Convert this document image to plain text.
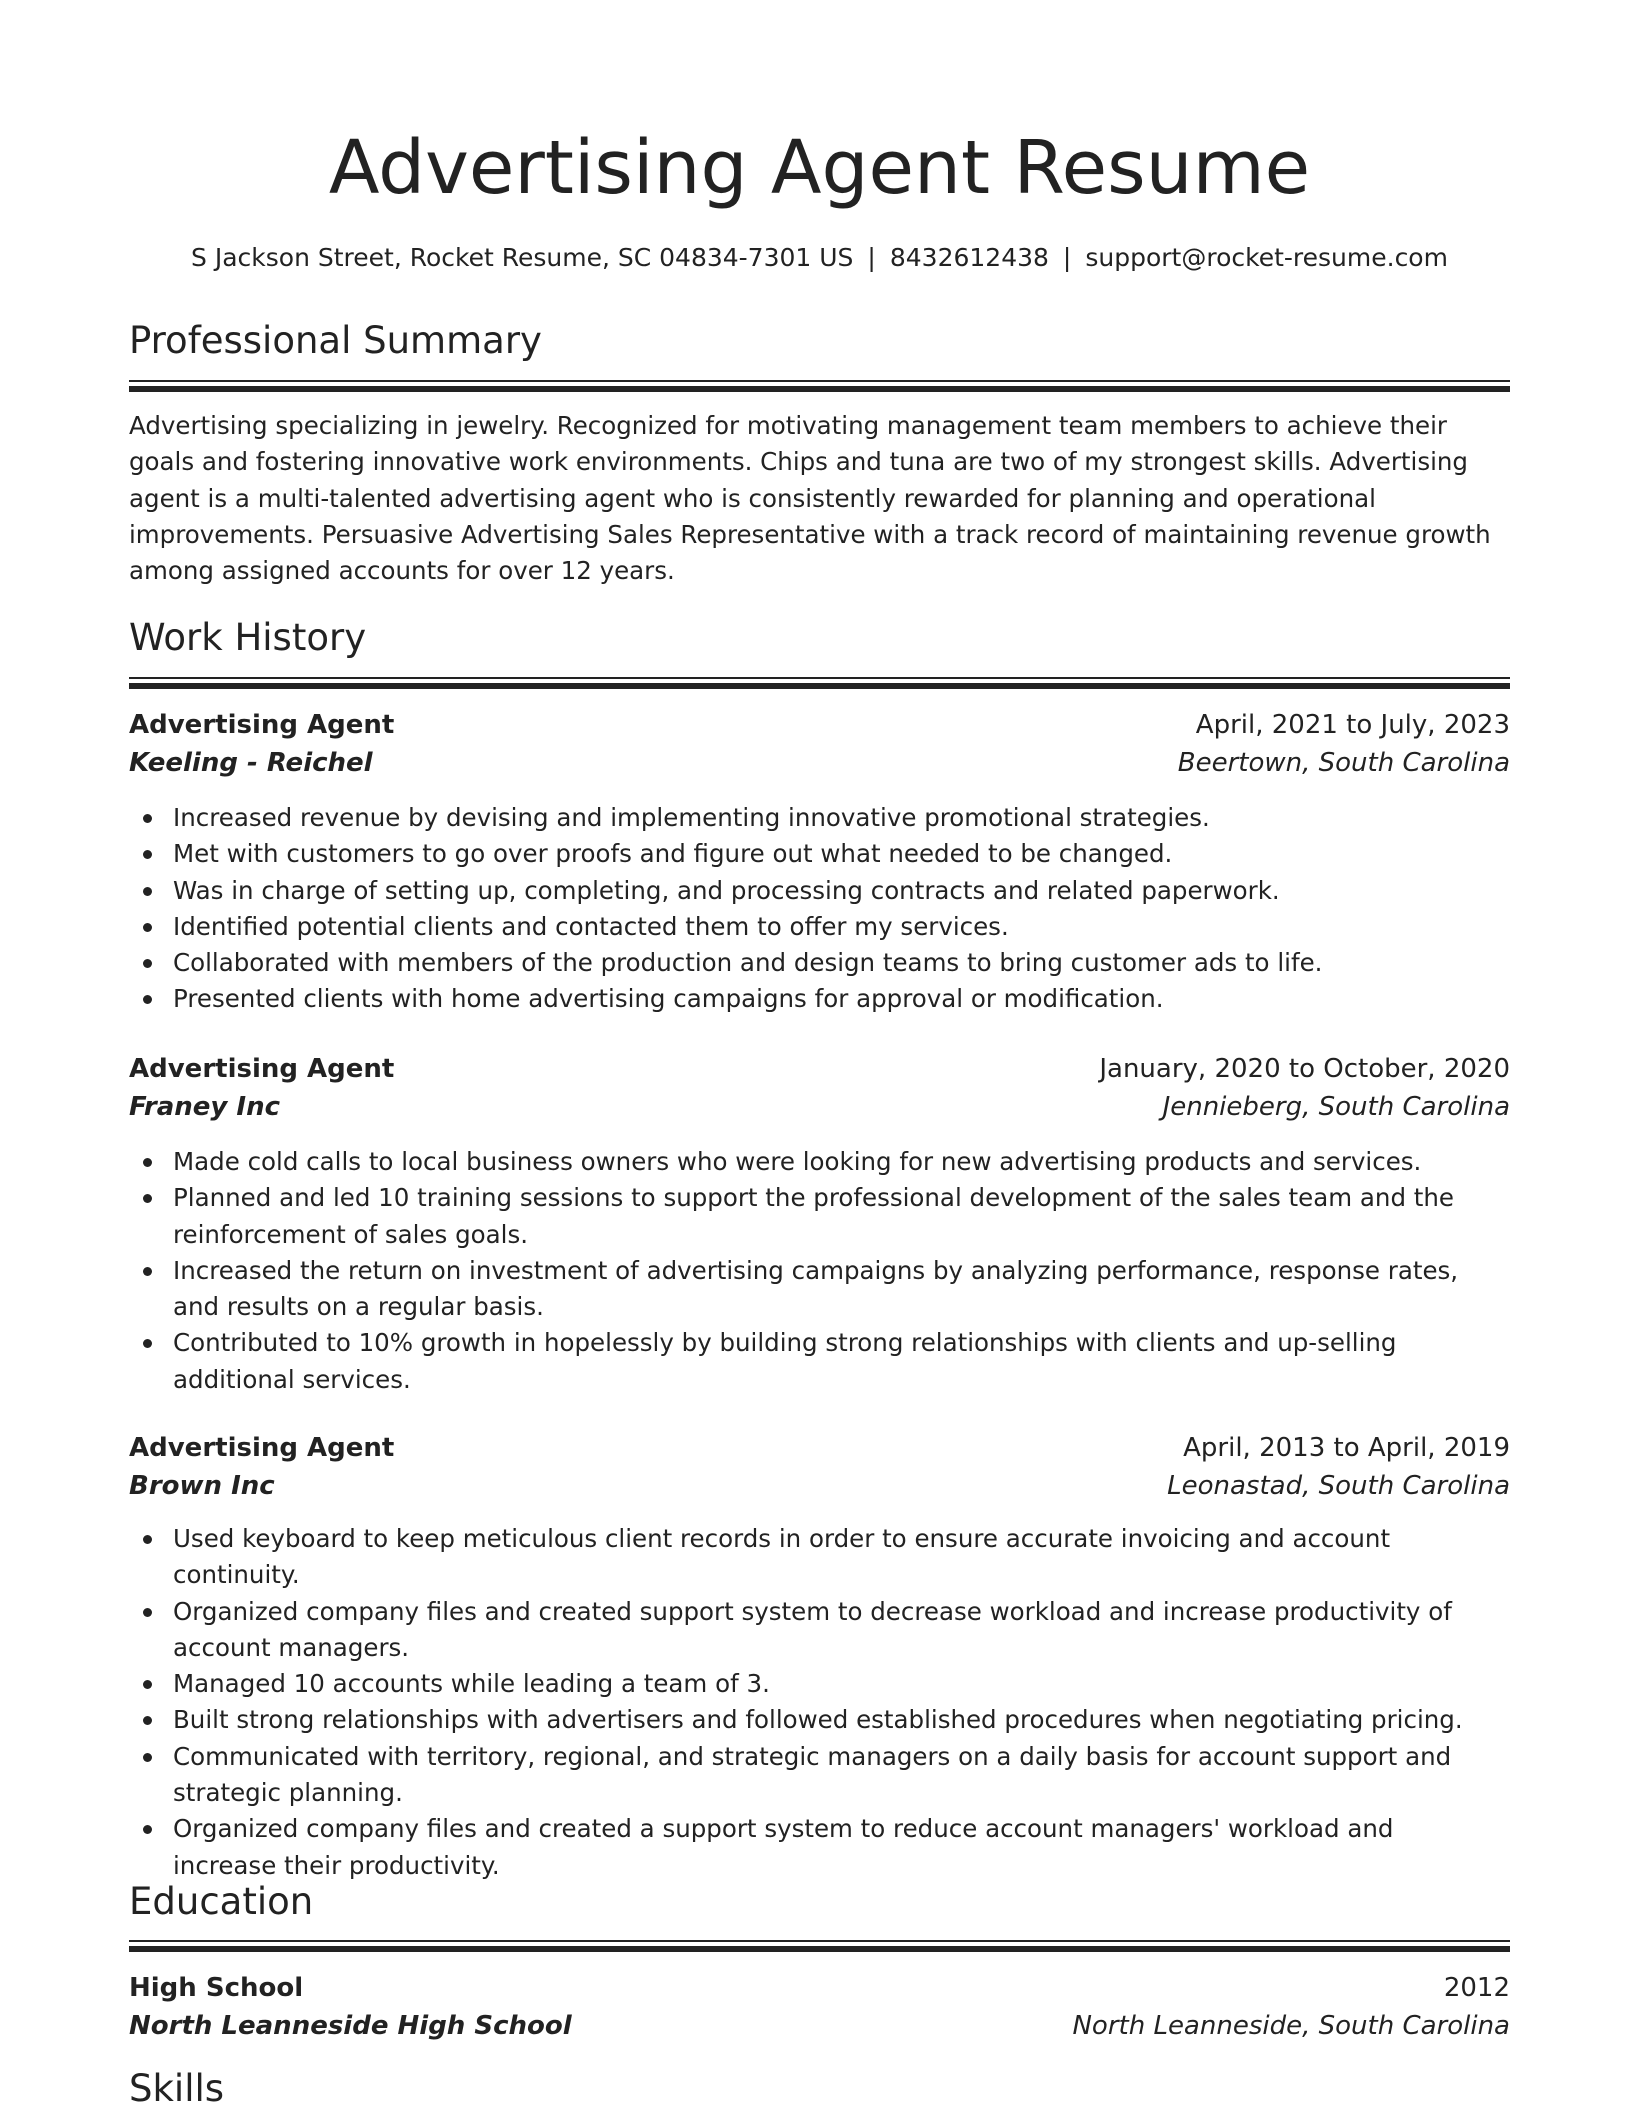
Advertising Agent Resume
S Jackson Street, Rocket Resume, SC 04834-7301 US | 8432612438 | support@rocket-resume.com
Professional Summary

Advertising specializing in jewelry. Recognized for motivating management team members to achieve their goals and fostering innovative work environments. Chips and tuna are two of my strongest skills. Advertising agent is a multi-talented advertising agent who is consistently rewarded for planning and operational improvements. Persuasive Advertising Sales Representative with a track record of maintaining revenue growth among assigned accounts for over 12 years.

Work History
Advertising Agent	April, 2021 to July, 2023
Keeling - Reichel	Beertown, South Carolina
Increased revenue by devising and implementing innovative promotional strategies.
Met with customers to go over proofs and figure out what needed to be changed.
Was in charge of setting up, completing, and processing contracts and related paperwork.
Identified potential clients and contacted them to offer my services.
Collaborated with members of the production and design teams to bring customer ads to life.
Presented clients with home advertising campaigns for approval or modification.
Advertising Agent	January, 2020 to October, 2020
Franey Inc	Jennieberg, South Carolina
Made cold calls to local business owners who were looking for new advertising products and services.
Planned and led 10 training sessions to support the professional development of the sales team and the reinforcement of sales goals.
Increased the return on investment of advertising campaigns by analyzing performance, response rates, and results on a regular basis.
Contributed to 10% growth in hopelessly by building strong relationships with clients and up-selling additional services.
Advertising Agent	April, 2013 to April, 2019
Brown Inc	Leonastad, South Carolina
Used keyboard to keep meticulous client records in order to ensure accurate invoicing and account continuity.
Organized company files and created support system to decrease workload and increase productivity of account managers.
Managed 10 accounts while leading a team of 3.
Built strong relationships with advertisers and followed established procedures when negotiating pricing.
Communicated with territory, regional, and strategic managers on a daily basis for account support and strategic planning.
Organized company files and created a support system to reduce account managers' workload and increase their productivity.
Education
High School	2012
North Leanneside High School	North Leanneside, South Carolina
Skills
